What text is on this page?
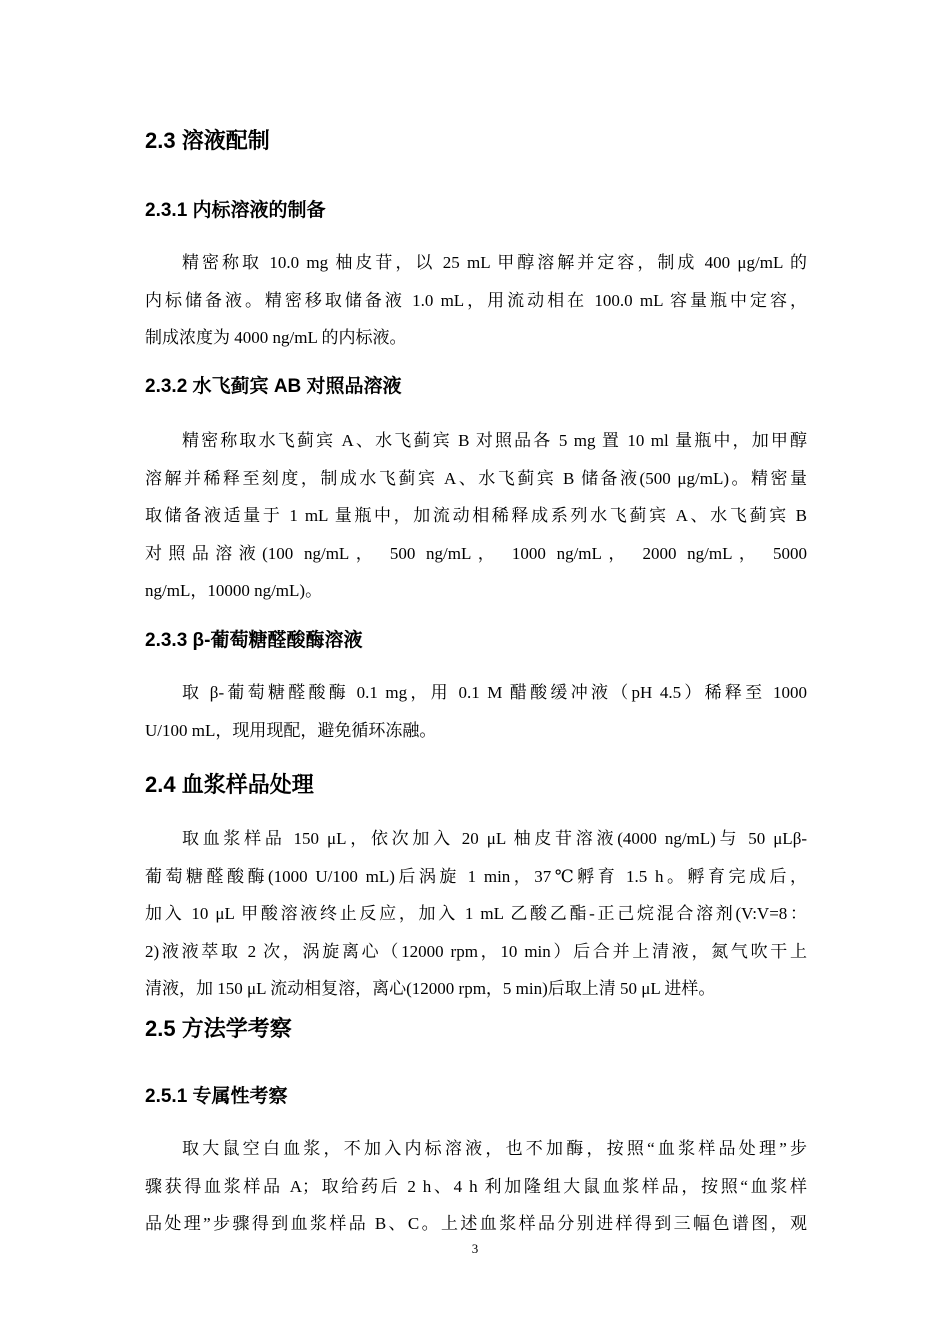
2.3 溶液配制
2.3.1 内标溶液的制备
精密称取 10.0 mg 柚皮苷，以 25 mL 甲醇溶解并定容，制成 400 μg/mL 的
内标储备液。精密移取储备液 1.0 mL，用流动相在 100.0 mL 容量瓶中定容，
制成浓度为 4000 ng/mL 的内标液。
2.3.2 水飞蓟宾 AB 对照品溶液
精密称取水飞蓟宾 A、水飞蓟宾 B 对照品各 5 mg 置 10 ml 量瓶中，加甲醇
溶解并稀释至刻度，制成水飞蓟宾 A、水飞蓟宾 B 储备液(500 μg/mL)。精密量
取储备液适量于 1 mL 量瓶中，加流动相稀释成系列水飞蓟宾 A、水飞蓟宾 B
对照品溶液(100 ng/mL， 500 ng/mL， 1000 ng/mL， 2000 ng/mL， 5000
ng/mL，10000 ng/mL)。
2.3.3 β-葡萄糖醛酸酶溶液
取 β-葡萄糖醛酸酶 0.1 mg，用 0.1 M 醋酸缓冲液（pH 4.5）稀释至 1000
U/100 mL，现用现配，避免循环冻融。
2.4 血浆样品处理
取血浆样品 150 μL，依次加入 20 μL 柚皮苷溶液(4000 ng/mL)与 50 μLβ-
葡萄糖醛酸酶(1000 U/100 mL)后涡旋 1 min，37℃孵育 1.5 h。孵育完成后，
加入 10 μL 甲酸溶液终止反应，加入 1 mL 乙酸乙酯-正己烷混合溶剂(V:V=8：
2)液液萃取 2 次，涡旋离心（12000 rpm，10 min）后合并上清液，氮气吹干上
清液，加 150 μL 流动相复溶，离心(12000 rpm，5 min)后取上清 50 μL 进样。
2.5 方法学考察
2.5.1 专属性考察
取大鼠空白血浆，不加入内标溶液，也不加酶，按照“血浆样品处理”步
骤获得血浆样品 A；取给药后 2 h、4 h 利加隆组大鼠血浆样品，按照“血浆样
品处理”步骤得到血浆样品 B、C。上述血浆样品分别进样得到三幅色谱图，观
3
